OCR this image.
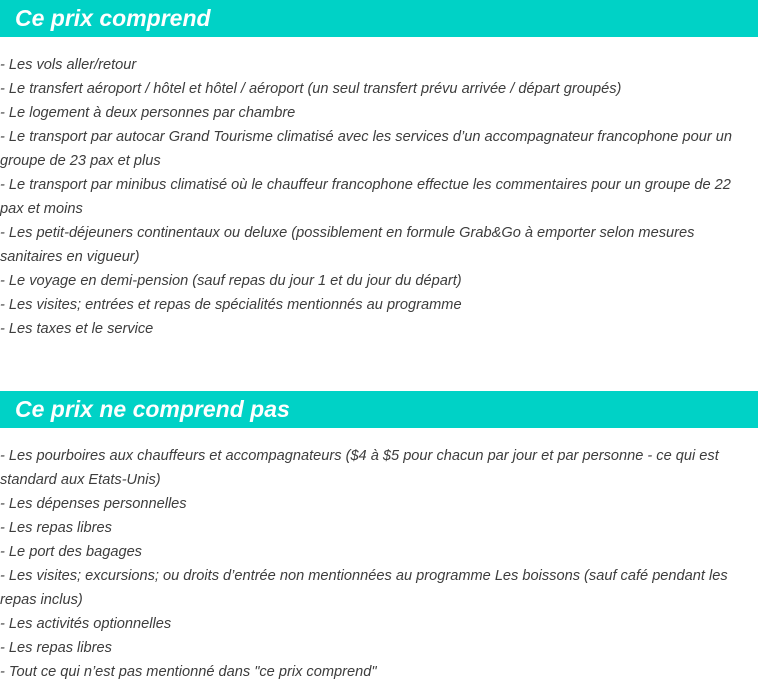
Ce prix comprend
- Les vols aller/retour
- Le transfert aéroport / hôtel et hôtel / aéroport (un seul transfert prévu arrivée / départ groupés)
- Le logement à deux personnes par chambre
- Le transport par autocar Grand Tourisme climatisé avec les services d’un accompagnateur francophone pour un groupe de 23 pax et plus
- Le transport par minibus climatisé où le chauffeur francophone effectue les commentaires pour un groupe de 22 pax et moins
- Les petit-déjeuners continentaux ou deluxe (possiblement en formule Grab&Go à emporter selon mesures sanitaires en vigueur)
- Le voyage en demi-pension (sauf repas du jour 1 et du jour du départ)
- Les visites; entrées et repas de spécialités mentionnés au programme
- Les taxes et le service
Ce prix ne comprend pas
- Les pourboires aux chauffeurs et accompagnateurs ($4 à $5 pour chacun par jour et par personne - ce qui est standard aux Etats-Unis)
- Les dépenses personnelles
- Les repas libres
- Le port des bagages
- Les visites; excursions; ou droits d’entrée non mentionnées au programme Les boissons (sauf café pendant les repas inclus)
- Les activités optionnelles
- Les repas libres
- Tout ce qui n’est pas mentionné dans "ce prix comprend"
